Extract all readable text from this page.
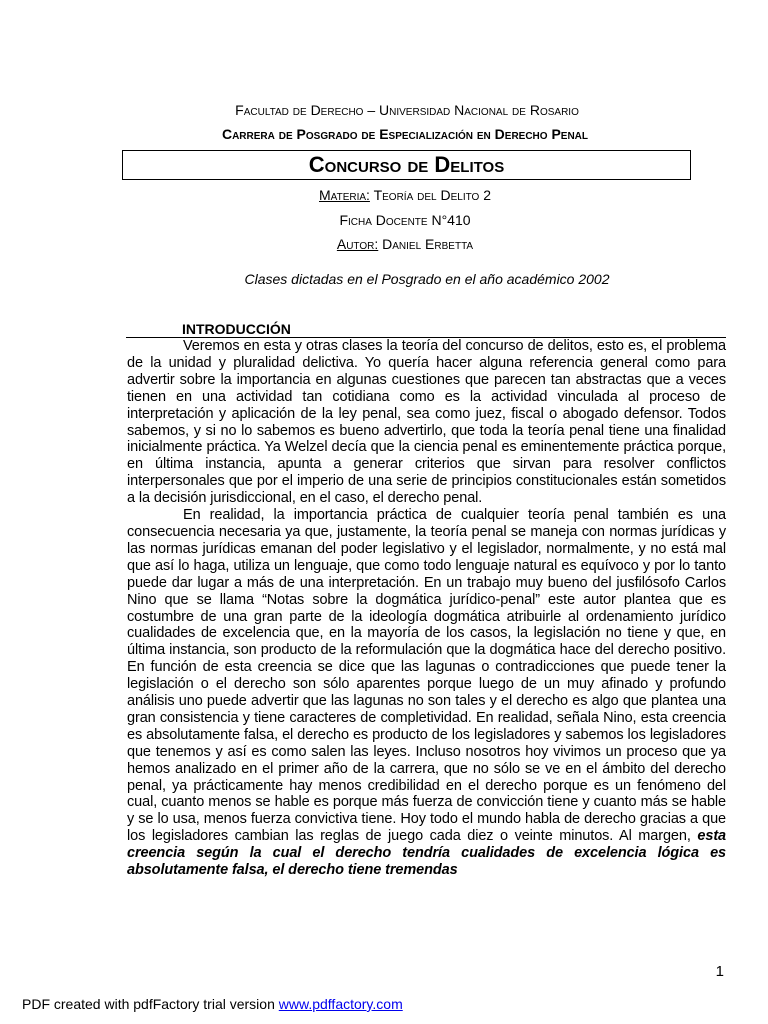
Facultad de Derecho – Universidad Nacional de Rosario
Carrera de Posgrado de Especialización en Derecho Penal
Concurso de Delitos
Materia: Teoría del Delito 2
Ficha Docente N°410
Autor: Daniel Erbetta
Clases dictadas en el Posgrado en el año académico 2002
INTRODUCCIÓN

Veremos en esta y otras clases la teoría del concurso de delitos, esto es, el problema de la unidad y pluralidad delictiva. Yo quería hacer alguna referencia general como para advertir sobre la importancia en algunas cuestiones que parecen tan abstractas que a veces tienen en una actividad tan cotidiana como es la actividad vinculada al proceso de interpretación y aplicación de la ley penal, sea como juez, fiscal o abogado defensor. Todos sabemos, y si no lo sabemos es bueno advertirlo, que toda la teoría penal tiene una finalidad inicialmente práctica. Ya Welzel decía que la ciencia penal es eminentemente práctica porque, en última instancia, apunta a generar criterios que sirvan para resolver conflictos interpersonales que por el imperio de una serie de principios constitucionales están sometidos a la decisión jurisdiccional, en el caso, el derecho penal.

En realidad, la importancia práctica de cualquier teoría penal también es una consecuencia necesaria ya que, justamente, la teoría penal se maneja con normas jurídicas y las normas jurídicas emanan del poder legislativo y el legislador, normalmente, y no está mal que así lo haga, utiliza un lenguaje, que como todo lenguaje natural es equívoco y por lo tanto puede dar lugar a más de una interpretación. En un trabajo muy bueno del jusfilósofo Carlos Nino que se llama “Notas sobre la dogmática jurídico-penal” este autor plantea que es costumbre de una gran parte de la ideología dogmática atribuirle al ordenamiento jurídico cualidades de excelencia que, en la mayoría de los casos, la legislación no tiene y que, en última instancia, son producto de la reformulación que la dogmática hace del derecho positivo. En función de esta creencia se dice que las lagunas o contradicciones que puede tener la legislación o el derecho son sólo aparentes porque luego de un muy afinado y profundo análisis uno puede advertir que las lagunas no son tales y el derecho es algo que plantea una gran consistencia y tiene caracteres de completividad. En realidad, señala Nino, esta creencia es absolutamente falsa, el derecho es producto de los legisladores y sabemos los legisladores que tenemos y así es como salen las leyes. Incluso nosotros hoy vivimos un proceso que ya hemos analizado en el primer año de la carrera, que no sólo se ve en el ámbito del derecho penal, ya prácticamente hay menos credibilidad en el derecho porque es un fenómeno del cual, cuanto menos se hable es porque más fuerza de convicción tiene y cuanto más se hable y se lo usa, menos fuerza convictiva tiene. Hoy todo el mundo habla de derecho gracias a que los legisladores cambian las reglas de juego cada diez o veinte minutos. Al margen, esta creencia según la cual el derecho tendría cualidades de excelencia lógica es absolutamente falsa, el derecho tiene tremendas

1
PDF created with pdfFactory trial version www.pdffactory.com
